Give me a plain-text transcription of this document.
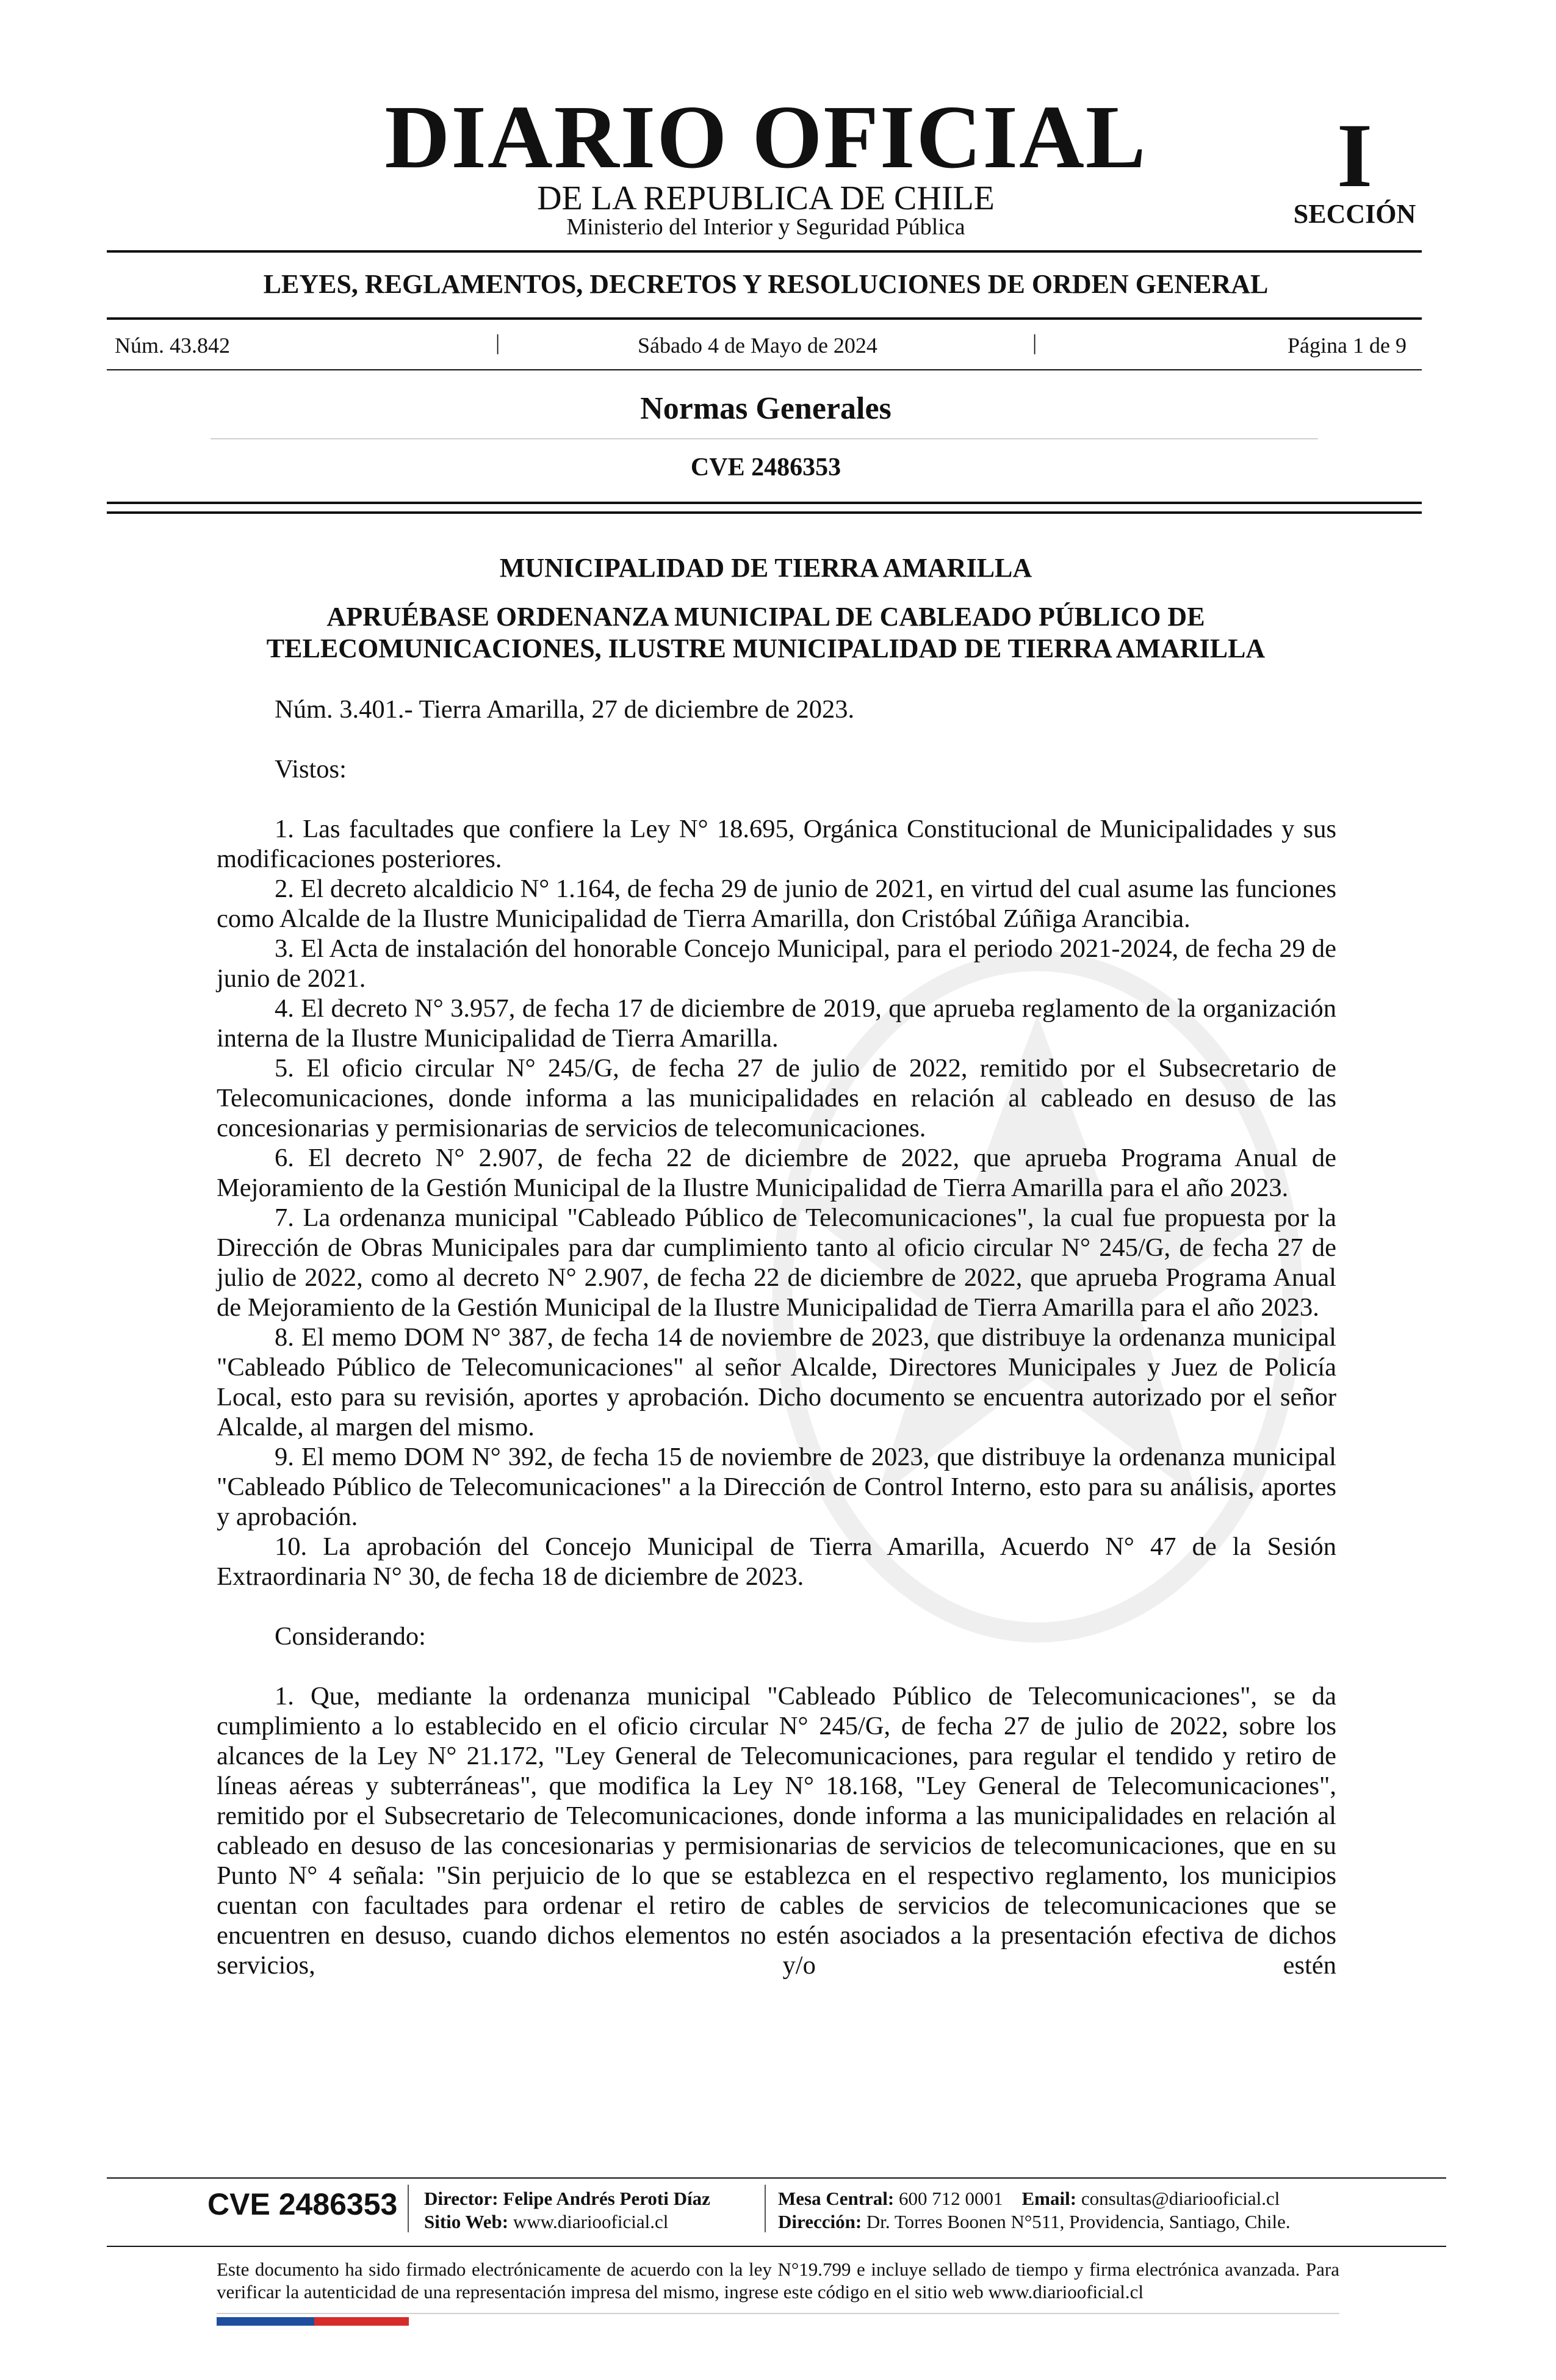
DIARIO OFICIAL
DE LA REPUBLICA DE CHILE
Ministerio del Interior y Seguridad Pública
I
SECCIÓN
LEYES, REGLAMENTOS, DECRETOS Y RESOLUCIONES DE ORDEN GENERAL
Núm. 43.842	|	Sábado 4 de Mayo de 2024	|	Página 1 de 9
Normas Generales
CVE 2486353
MUNICIPALIDAD DE TIERRA AMARILLA
APRUÉBASE ORDENANZA MUNICIPAL DE CABLEADO PÚBLICO DE
TELECOMUNICACIONES, ILUSTRE MUNICIPALIDAD DE TIERRA AMARILLA

Núm. 3.401.- Tierra Amarilla, 27 de diciembre de 2023.

Vistos:

1. Las facultades que confiere la Ley N° 18.695, Orgánica Constitucional de Municipalidades y sus modificaciones posteriores.

2. El decreto alcaldicio N° 1.164, de fecha 29 de junio de 2021, en virtud del cual asume las funciones como Alcalde de la Ilustre Municipalidad de Tierra Amarilla, don Cristóbal Zúñiga Arancibia.

3. El Acta de instalación del honorable Concejo Municipal, para el periodo 2021-2024, de fecha 29 de junio de 2021.

4. El decreto N° 3.957, de fecha 17 de diciembre de 2019, que aprueba reglamento de la organización interna de la Ilustre Municipalidad de Tierra Amarilla.

5. El oficio circular N° 245/G, de fecha 27 de julio de 2022, remitido por el Subsecretario de Telecomunicaciones, donde informa a las municipalidades en relación al cableado en desuso de las concesionarias y permisionarias de servicios de telecomunicaciones.

6. El decreto N° 2.907, de fecha 22 de diciembre de 2022, que aprueba Programa Anual de Mejoramiento de la Gestión Municipal de la Ilustre Municipalidad de Tierra Amarilla para el año 2023.

7. La ordenanza municipal "Cableado Público de Telecomunicaciones", la cual fue propuesta por la Dirección de Obras Municipales para dar cumplimiento tanto al oficio circular N° 245/G, de fecha 27 de julio de 2022, como al decreto N° 2.907, de fecha 22 de diciembre de 2022, que aprueba Programa Anual de Mejoramiento de la Gestión Municipal de la Ilustre Municipalidad de Tierra Amarilla para el año 2023.

8. El memo DOM N° 387, de fecha 14 de noviembre de 2023, que distribuye la ordenanza municipal "Cableado Público de Telecomunicaciones" al señor Alcalde, Directores Municipales y Juez de Policía Local, esto para su revisión, aportes y aprobación. Dicho documento se encuentra autorizado por el señor Alcalde, al margen del mismo.

9. El memo DOM N° 392, de fecha 15 de noviembre de 2023, que distribuye la ordenanza municipal "Cableado Público de Telecomunicaciones" a la Dirección de Control Interno, esto para su análisis, aportes y aprobación.

10. La aprobación del Concejo Municipal de Tierra Amarilla, Acuerdo N° 47 de la Sesión Extraordinaria N° 30, de fecha 18 de diciembre de 2023.

Considerando:

1. Que, mediante la ordenanza municipal "Cableado Público de Telecomunicaciones", se da cumplimiento a lo establecido en el oficio circular N° 245/G, de fecha 27 de julio de 2022, sobre los alcances de la Ley N° 21.172, "Ley General de Telecomunicaciones, para regular el tendido y retiro de líneas aéreas y subterráneas", que modifica la Ley N° 18.168, "Ley General de Telecomunicaciones", remitido por el Subsecretario de Telecomunicaciones, donde informa a las municipalidades en relación al cableado en desuso de las concesionarias y permisionarias de servicios de telecomunicaciones, que en su Punto N° 4 señala: "Sin perjuicio de lo que se establezca en el respectivo reglamento, los municipios cuentan con facultades para ordenar el retiro de cables de servicios de telecomunicaciones que se encuentren en desuso, cuando dichos elementos no estén asociados a la presentación efectiva de dichos servicios, y/o estén

CVE 2486353 Director: Felipe Andrés Peroti Díaz
Sitio Web: www.diariooficial.cl
Mesa Central: 600 712 0001 Email: consultas@diariooficial.cl
Dirección: Dr. Torres Boonen N°511, Providencia, Santiago, Chile.
Este documento ha sido firmado electrónicamente de acuerdo con la ley N°19.799 e incluye sellado de tiempo y firma electrónica avanzada. Para verificar la autenticidad de una representación impresa del mismo, ingrese este código en el sitio web www.diariooficial.cl
